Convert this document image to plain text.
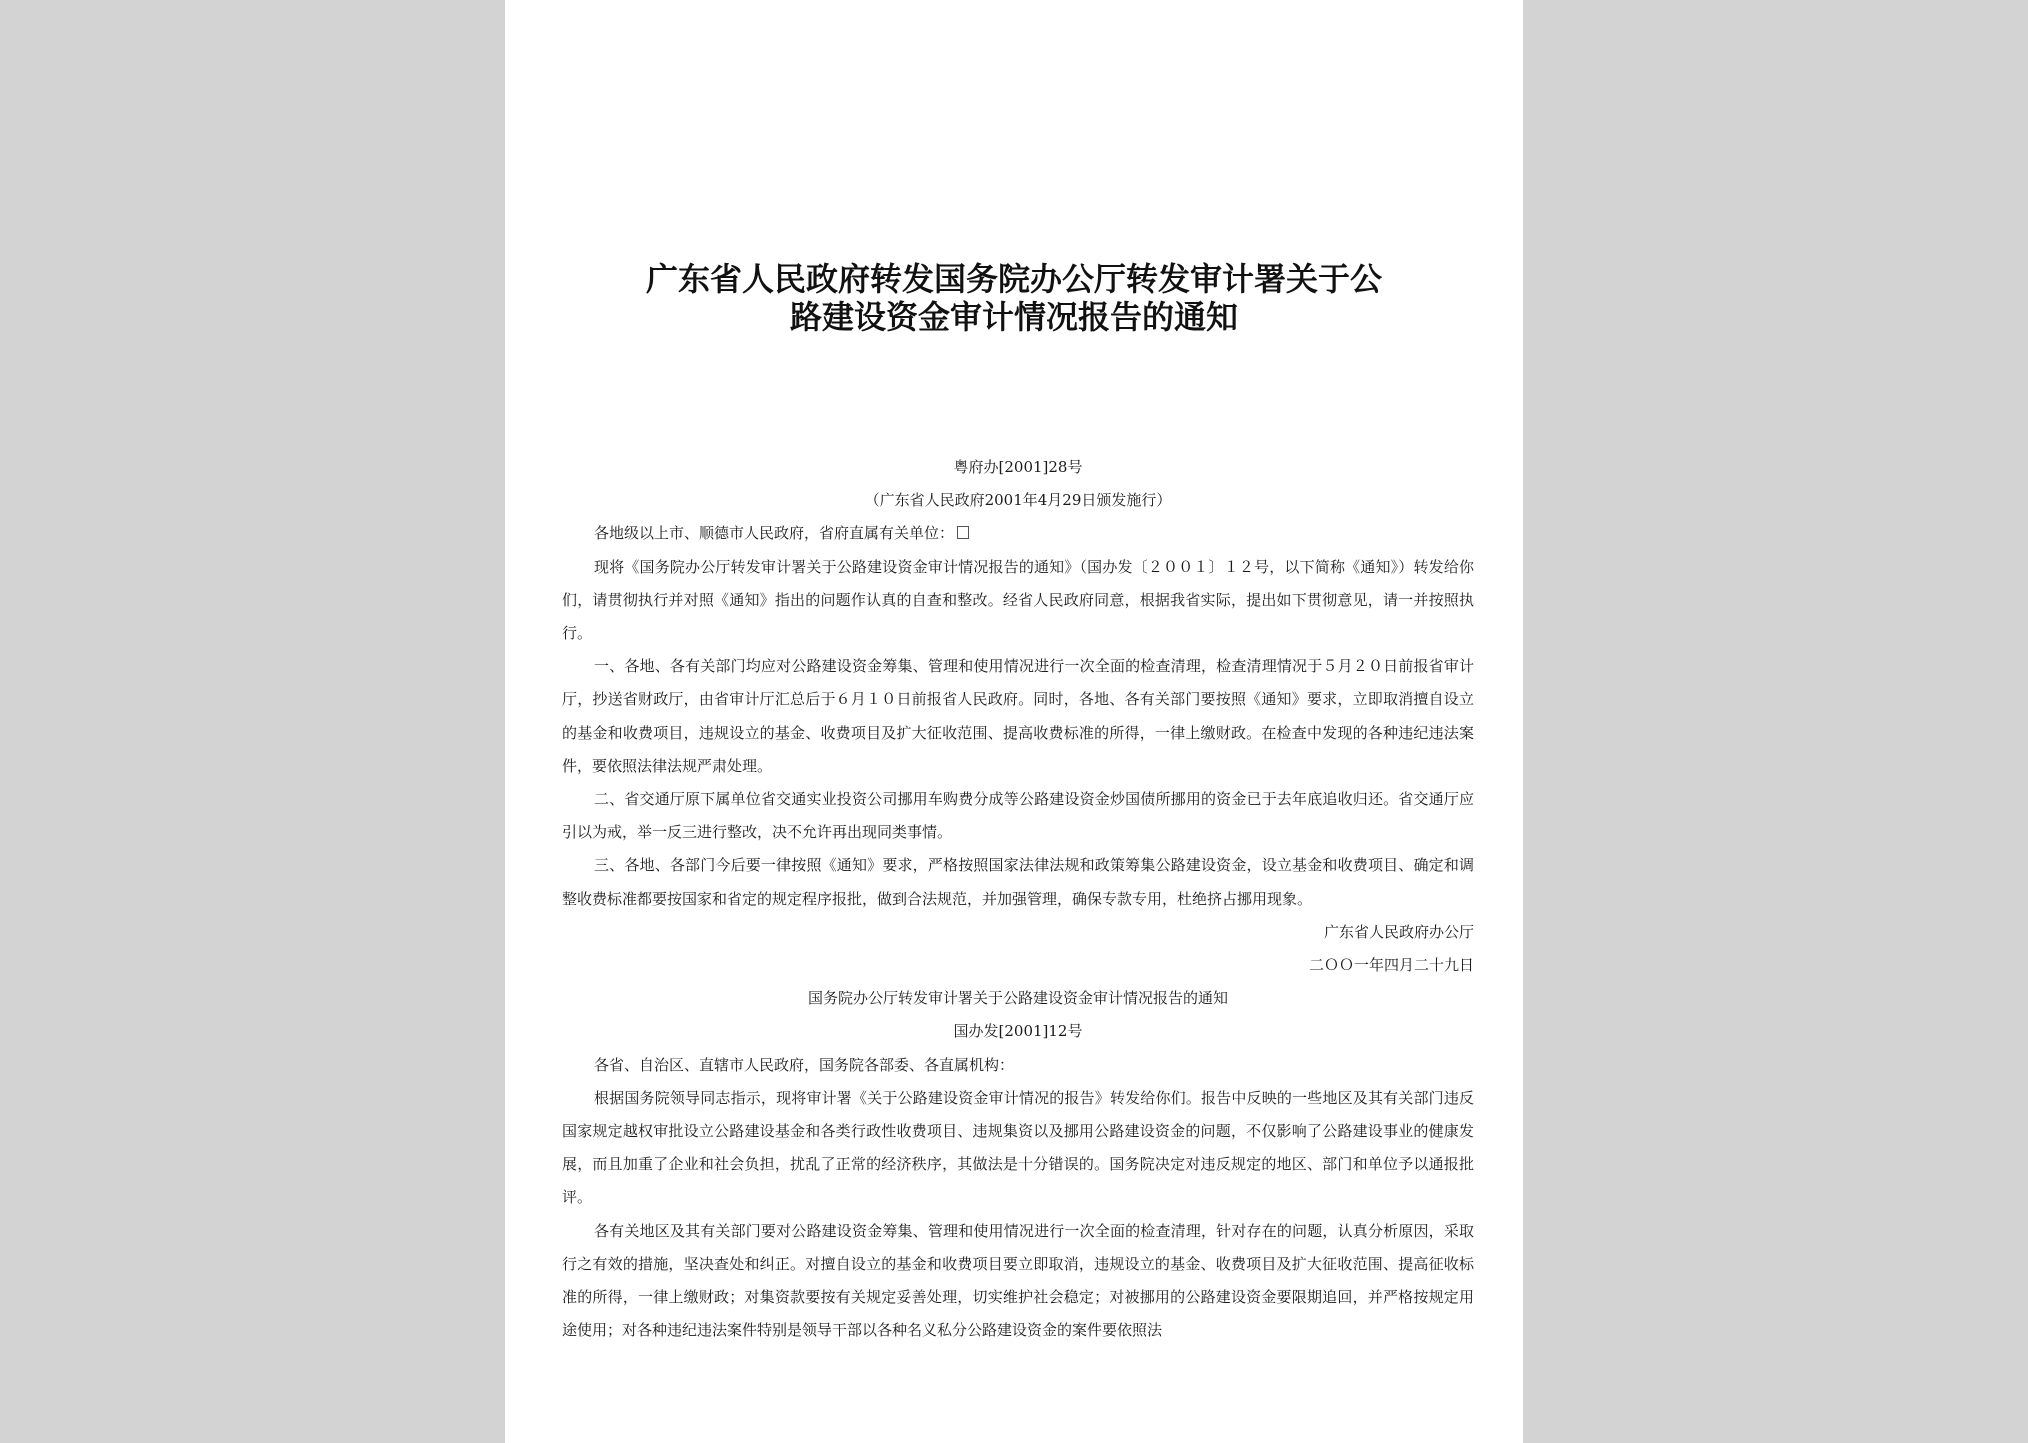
广东省人民政府转发国务院办公厅转发审计署关于公
路建设资金审计情况报告的通知

粤府办[2001]28号

（广东省人民政府2001年4月29日颁发施行）

各地级以上市、顺德市人民政府，省府直属有关单位：

现将《国务院办公厅转发审计署关于公路建设资金审计情况报告的通知》（国办发〔２００１〕１２号，以下简称《通知》）转发给你们，请贯彻执行并对照《通知》指出的问题作认真的自查和整改。经省人民政府同意，根据我省实际，提出如下贯彻意见，请一并按照执行。

一、各地、各有关部门均应对公路建设资金筹集、管理和使用情况进行一次全面的检查清理，检查清理情况于５月２０日前报省审计厅，抄送省财政厅，由省审计厅汇总后于６月１０日前报省人民政府。同时，各地、各有关部门要按照《通知》要求，立即取消擅自设立的基金和收费项目，违规设立的基金、收费项目及扩大征收范围、提高收费标准的所得，一律上缴财政。在检查中发现的各种违纪违法案件，要依照法律法规严肃处理。

二、省交通厅原下属单位省交通实业投资公司挪用车购费分成等公路建设资金炒国债所挪用的资金已于去年底追收归还。省交通厅应引以为戒，举一反三进行整改，决不允许再出现同类事情。

三、各地、各部门今后要一律按照《通知》要求，严格按照国家法律法规和政策筹集公路建设资金，设立基金和收费项目、确定和调整收费标准都要按国家和省定的规定程序报批，做到合法规范，并加强管理，确保专款专用，杜绝挤占挪用现象。

广东省人民政府办公厅

二ＯＯ一年四月二十九日

国务院办公厅转发审计署关于公路建设资金审计情况报告的通知

国办发[2001]12号

各省、自治区、直辖市人民政府，国务院各部委、各直属机构：

根据国务院领导同志指示，现将审计署《关于公路建设资金审计情况的报告》转发给你们。报告中反映的一些地区及其有关部门违反国家规定越权审批设立公路建设基金和各类行政性收费项目、违规集资以及挪用公路建设资金的问题，不仅影响了公路建设事业的健康发展，而且加重了企业和社会负担，扰乱了正常的经济秩序，其做法是十分错误的。国务院决定对违反规定的地区、部门和单位予以通报批评。

各有关地区及其有关部门要对公路建设资金筹集、管理和使用情况进行一次全面的检查清理，针对存在的问题，认真分析原因，采取行之有效的措施，坚决查处和纠正。对擅自设立的基金和收费项目要立即取消，违规设立的基金、收费项目及扩大征收范围、提高征收标准的所得，一律上缴财政；对集资款要按有关规定妥善处理，切实维护社会稳定；对被挪用的公路建设资金要限期追回，并严格按规定用途使用；对各种违纪违法案件特别是领导干部以各种名义私分公路建设资金的案件要依照法
